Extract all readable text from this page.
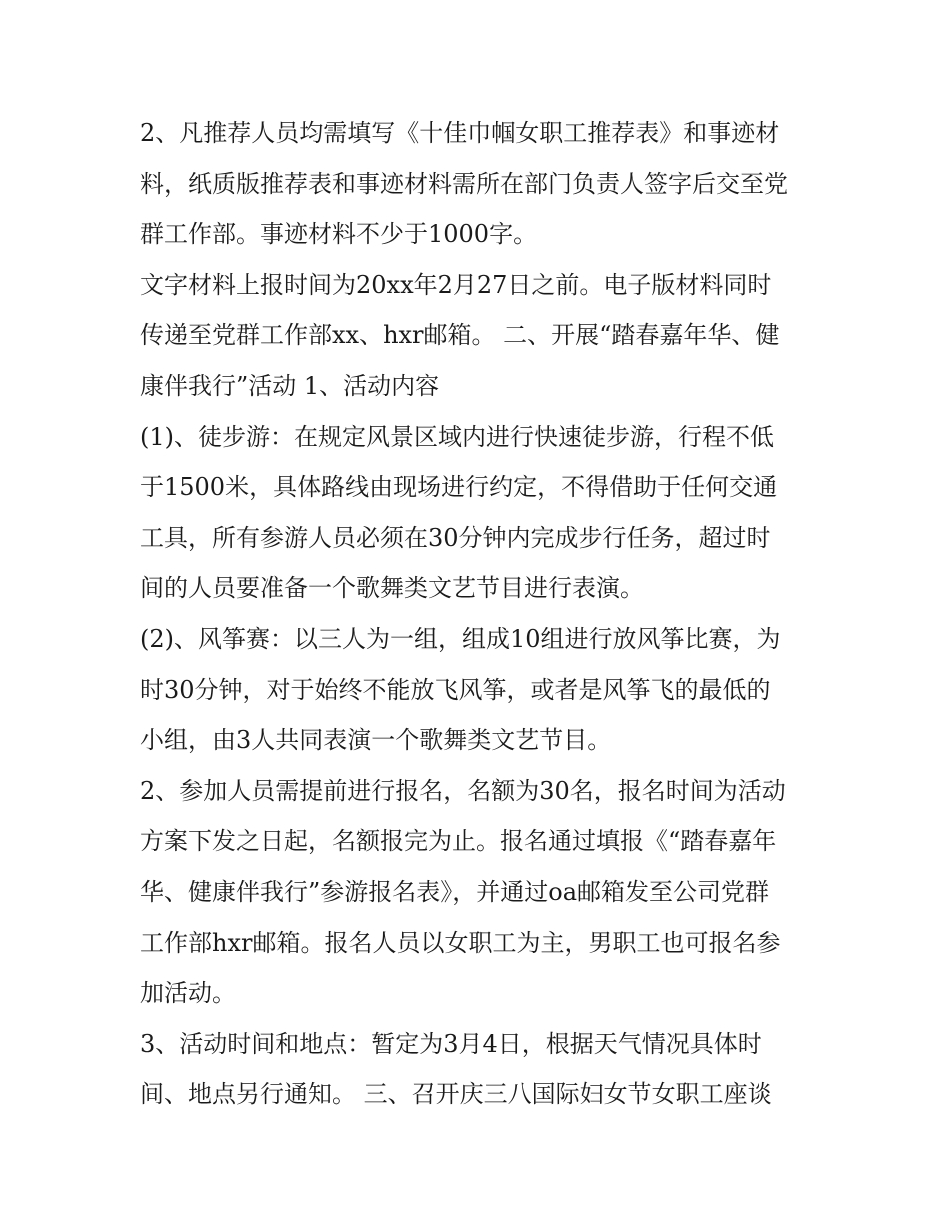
2、凡推荐人员均需填写《十佳巾帼女职工推荐表》和事迹材
料，纸质版推荐表和事迹材料需所在部门负责人签字后交至党
群工作部。事迹材料不少于1000字。

文字材料上报时间为20xx年2月27日之前。电子版材料同时
传递至党群工作部xx、hxr邮箱。 二、开展“踏春嘉年华、健
康伴我行”活动 1、活动内容

(1)、徒步游：在规定风景区域内进行快速徒步游，行程不低
于1500米，具体路线由现场进行约定，不得借助于任何交通
工具，所有参游人员必须在30分钟内完成步行任务，超过时
间的人员要准备一个歌舞类文艺节目进行表演。

(2)、风筝赛：以三人为一组，组成10组进行放风筝比赛，为
时30分钟，对于始终不能放飞风筝，或者是风筝飞的最低的
小组，由3人共同表演一个歌舞类文艺节目。

2、参加人员需提前进行报名，名额为30名，报名时间为活动
方案下发之日起，名额报完为止。报名通过填报《“踏春嘉年
华、健康伴我行”参游报名表》，并通过oa邮箱发至公司党群
工作部hxr邮箱。报名人员以女职工为主，男职工也可报名参
加活动。

3、活动时间和地点：暂定为3月4日，根据天气情况具体时
间、地点另行通知。 三、召开庆三八国际妇女节女职工座谈
